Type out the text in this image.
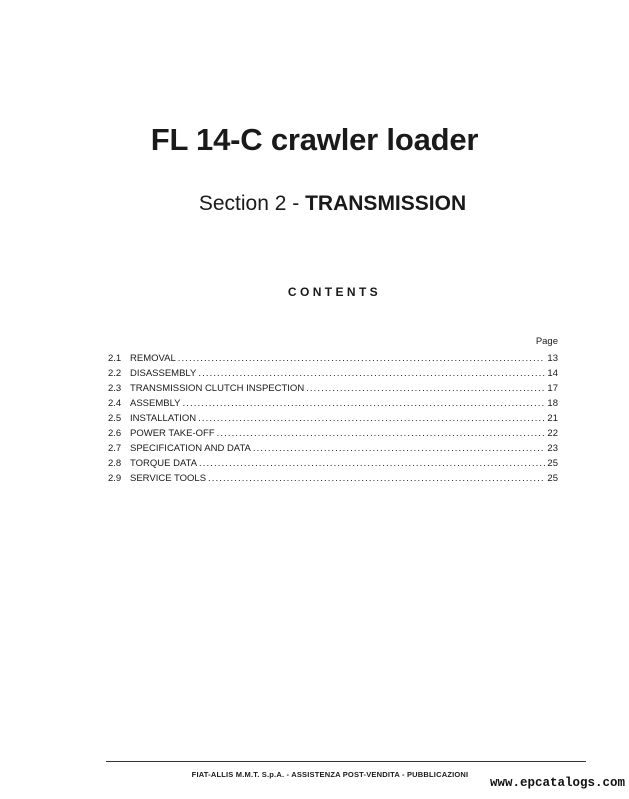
FL 14-C crawler loader
Section 2 - TRANSMISSION
CONTENTS
Page
2.1 REMOVAL .....	13
2.2 DISASSEMBLY .....	14
2.3 TRANSMISSION CLUTCH INSPECTION .....	17
2.4 ASSEMBLY .....	18
2.5 INSTALLATION .....	21
2.6 POWER TAKE-OFF .....	22
2.7 SPECIFICATION AND DATA .....	23
2.8 TORQUE DATA .....	25
2.9 SERVICE TOOLS .....	25
FIAT-ALLIS M.M.T. S.p.A. - ASSISTENZA POST-VENDITA - PUBBLICAZIONI
www.epcatalogs.com
